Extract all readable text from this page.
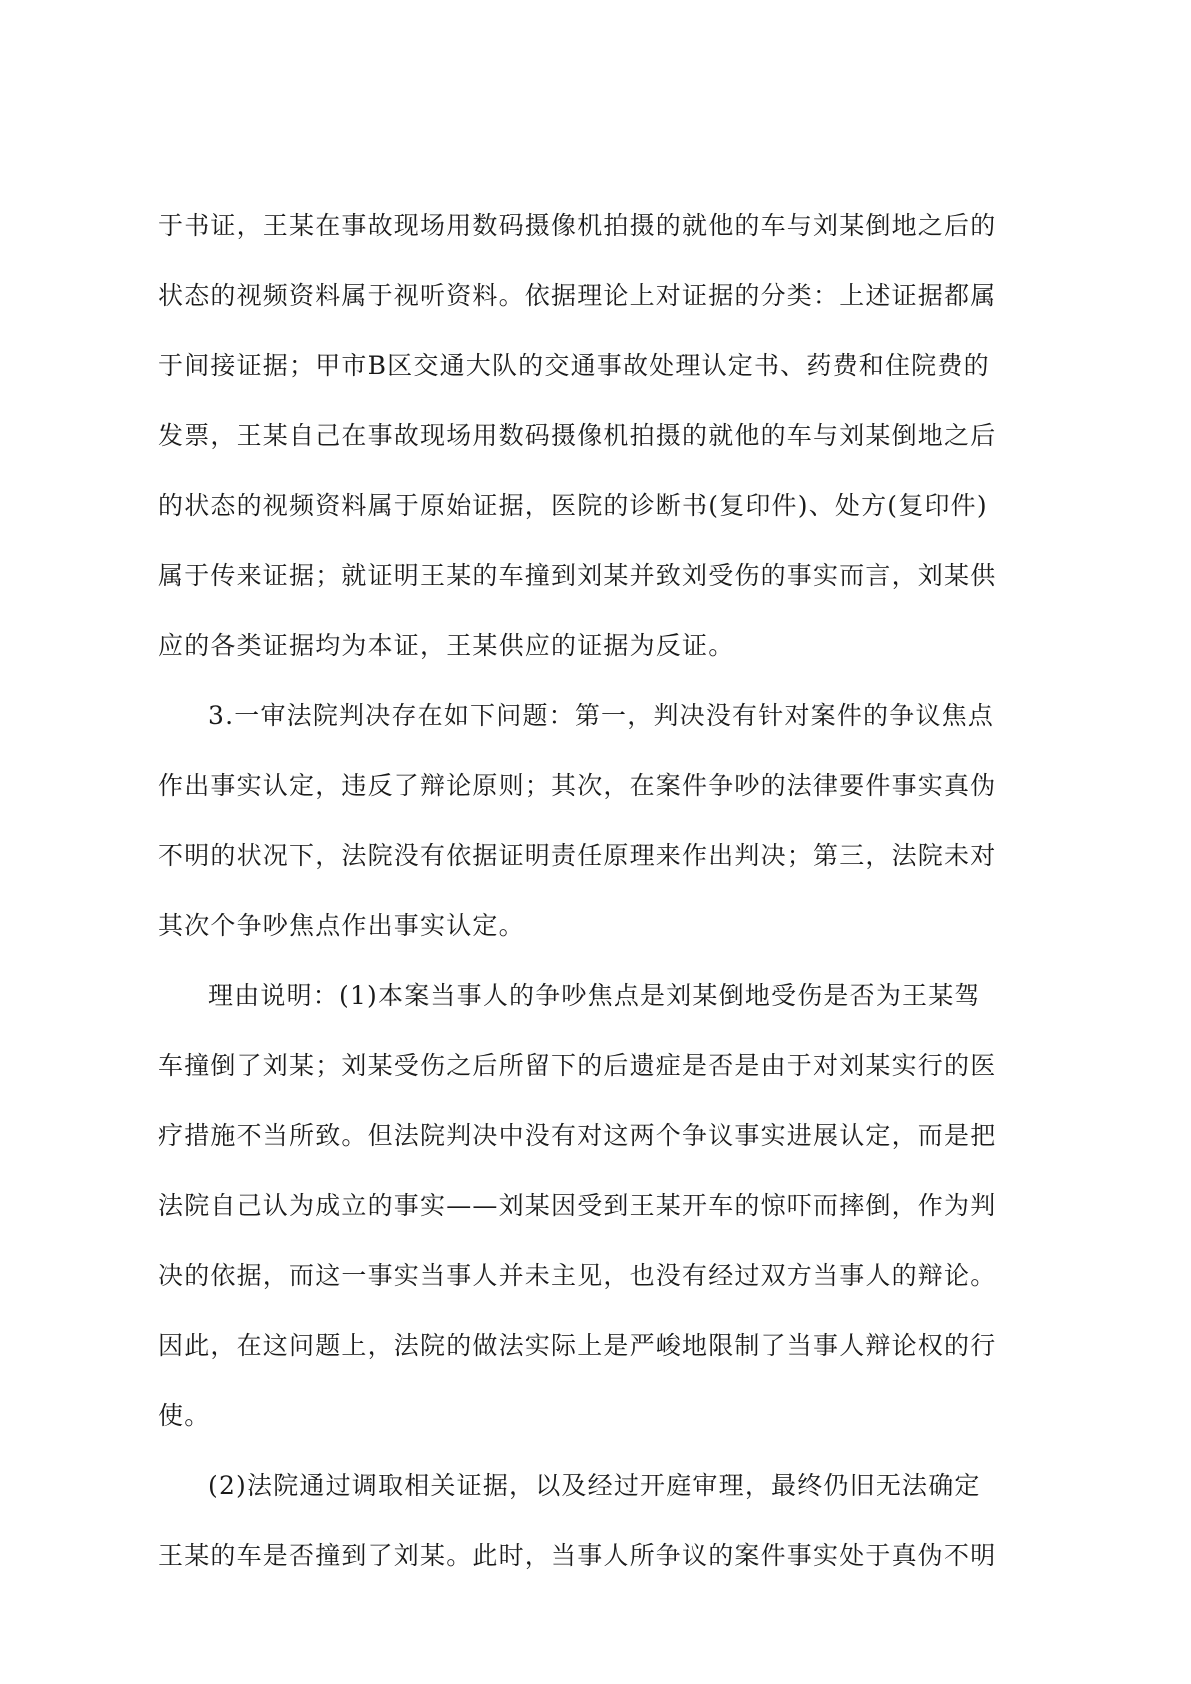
于书证，王某在事故现场用数码摄像机拍摄的就他的车与刘某倒地之后的
状态的视频资料属于视听资料。依据理论上对证据的分类：上述证据都属
于间接证据；甲市B区交通大队的交通事故处理认定书、药费和住院费的
发票，王某自己在事故现场用数码摄像机拍摄的就他的车与刘某倒地之后
的状态的视频资料属于原始证据，医院的诊断书(复印件)、处方(复印件)
属于传来证据；就证明王某的车撞到刘某并致刘受伤的事实而言，刘某供
应的各类证据均为本证，王某供应的证据为反证。
3.一审法院判决存在如下问题：第一，判决没有针对案件的争议焦点
作出事实认定，违反了辩论原则；其次，在案件争吵的法律要件事实真伪
不明的状况下，法院没有依据证明责任原理来作出判决；第三，法院未对
其次个争吵焦点作出事实认定。
理由说明：(1)本案当事人的争吵焦点是刘某倒地受伤是否为王某驾
车撞倒了刘某；刘某受伤之后所留下的后遗症是否是由于对刘某实行的医
疗措施不当所致。但法院判决中没有对这两个争议事实进展认定，而是把
法院自己认为成立的事实——刘某因受到王某开车的惊吓而摔倒，作为判
决的依据，而这一事实当事人并未主见，也没有经过双方当事人的辩论。
因此，在这问题上，法院的做法实际上是严峻地限制了当事人辩论权的行
使。
(2)法院通过调取相关证据，以及经过开庭审理，最终仍旧无法确定
王某的车是否撞到了刘某。此时，当事人所争议的案件事实处于真伪不明
